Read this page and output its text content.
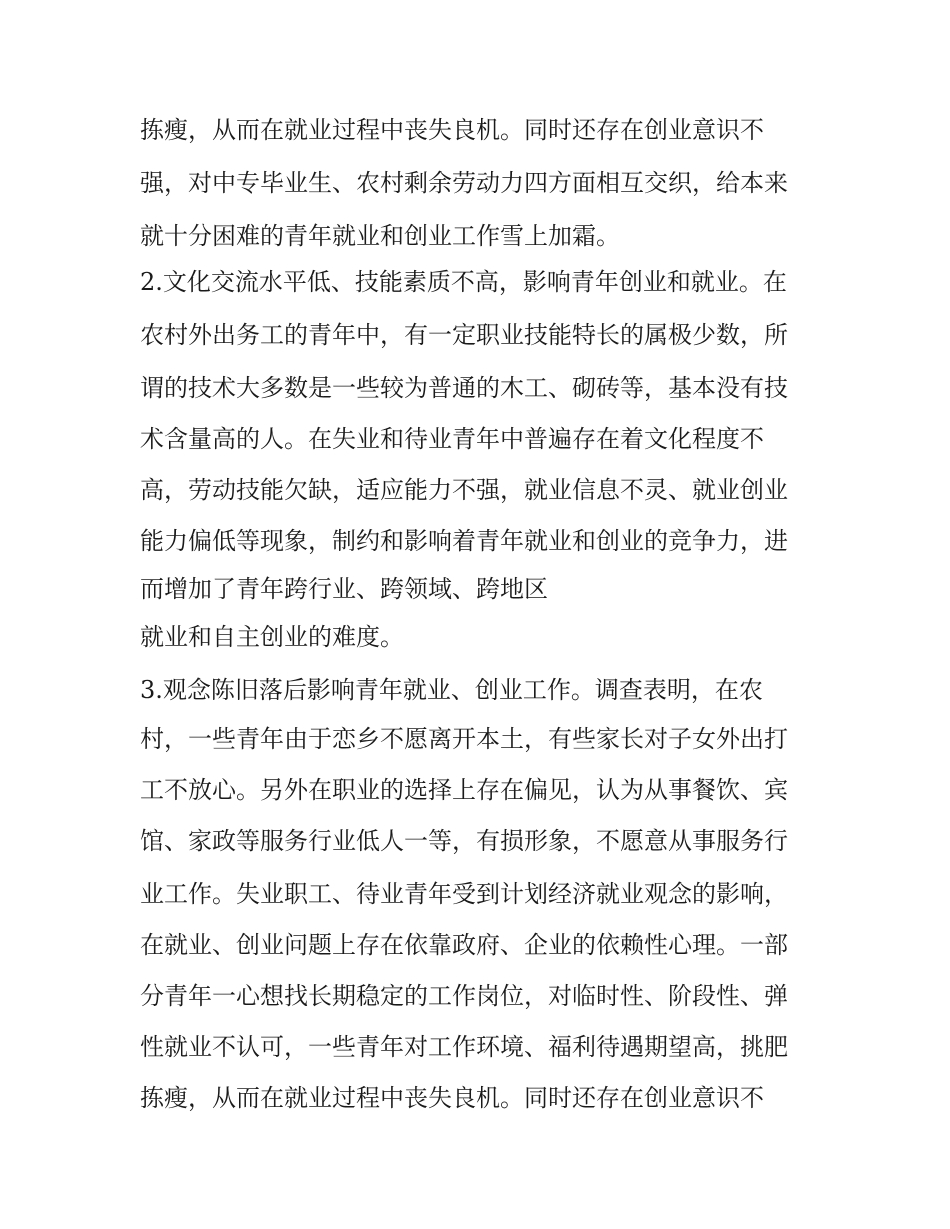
拣瘦，从而在就业过程中丧失良机。同时还存在创业意识不
强，对中专毕业生、农村剩余劳动力四方面相互交织，给本来
就十分困难的青年就业和创业工作雪上加霜。
2.文化交流水平低、技能素质不高，影响青年创业和就业。在
农村外出务工的青年中，有一定职业技能特长的属极少数，所
谓的技术大多数是一些较为普通的木工、砌砖等，基本没有技
术含量高的人。在失业和待业青年中普遍存在着文化程度不
高，劳动技能欠缺，适应能力不强，就业信息不灵、就业创业
能力偏低等现象，制约和影响着青年就业和创业的竞争力，进
而增加了青年跨行业、跨领域、跨地区
就业和自主创业的难度。
3.观念陈旧落后影响青年就业、创业工作。调查表明，在农
村，一些青年由于恋乡不愿离开本土，有些家长对子女外出打
工不放心。另外在职业的选择上存在偏见，认为从事餐饮、宾
馆、家政等服务行业低人一等，有损形象，不愿意从事服务行
业工作。失业职工、待业青年受到计划经济就业观念的影响，
在就业、创业问题上存在依靠政府、企业的依赖性心理。一部
分青年一心想找长期稳定的工作岗位，对临时性、阶段性、弹
性就业不认可，一些青年对工作环境、福利待遇期望高，挑肥
拣瘦，从而在就业过程中丧失良机。同时还存在创业意识不
